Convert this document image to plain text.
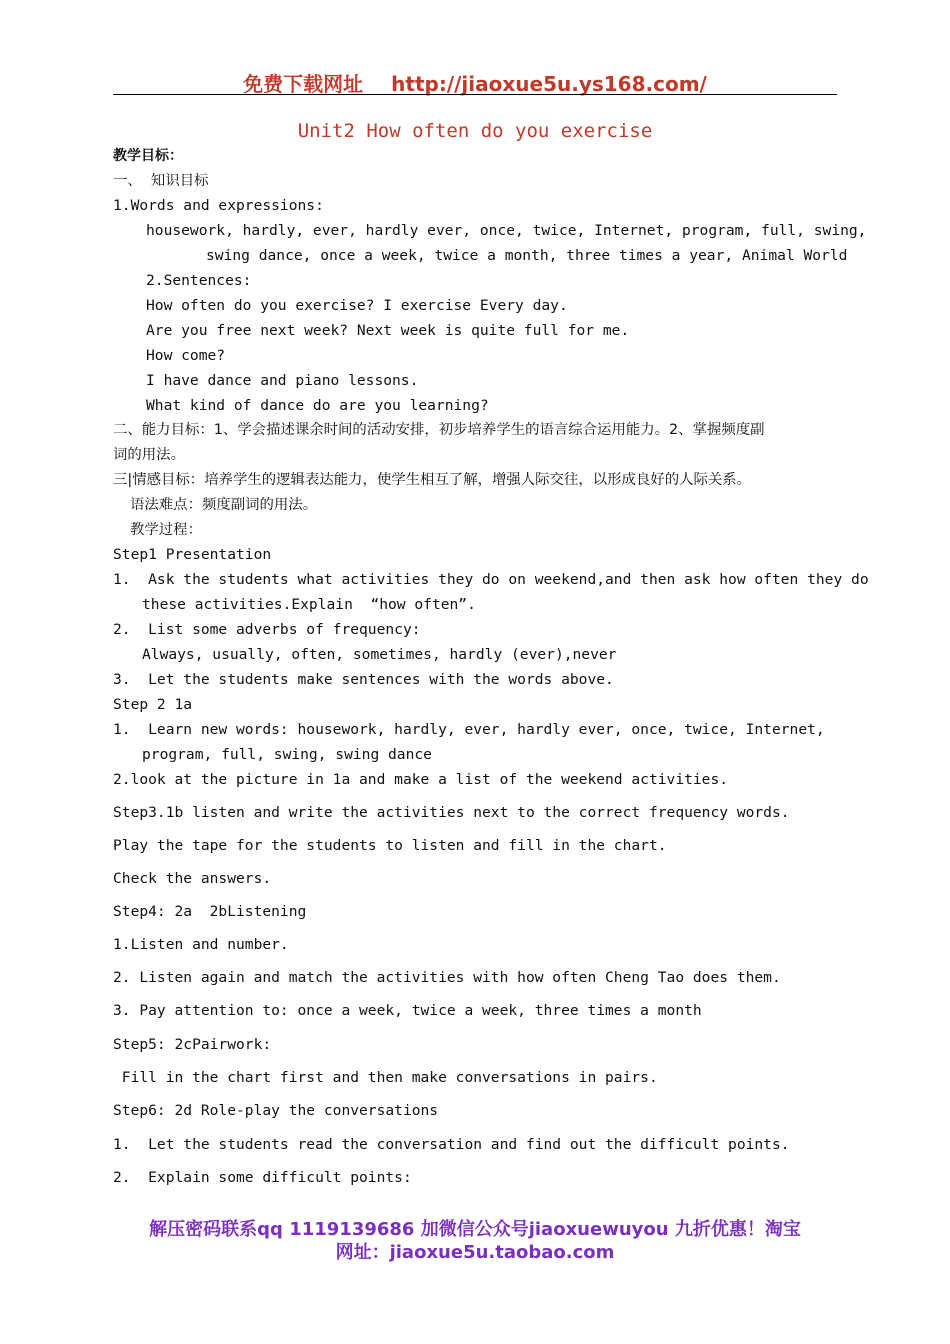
免费下载网址 http://jiaoxue5u.ys168.com/
Unit2 How often do you exercise
教学目标：
一、  知识目标
1.Words and expressions:
housework, hardly, ever, hardly ever, once, twice, Internet, program, full, swing,
swing dance, once a week, twice a month, three times a year, Animal World
2.Sentences:
How often do you exercise? I exercise Every day.
Are you free next week? Next week is quite full for me.
How come?
I have dance and piano lessons.
What kind of dance do are you learning?
二、能力目标：1、学会描述课余时间的活动安排，初步培养学生的语言综合运用能力。2、掌握频度副
词的用法。
三|情感目标：培养学生的逻辑表达能力，使学生相互了解，增强人际交往，以形成良好的人际关系。
语法难点：频度副词的用法。
教学过程：
Step1 Presentation
1.  Ask the students what activities they do on weekend,and then ask how often they do
these activities.Explain  “how often”.
2.  List some adverbs of frequency:
Always, usually, often, sometimes, hardly (ever),never
3.  Let the students make sentences with the words above.
Step 2 1a
1.  Learn new words: housework, hardly, ever, hardly ever, once, twice, Internet,
program, full, swing, swing dance
2.look at the picture in 1a and make a list of the weekend activities.
Step3.1b listen and write the activities next to the correct frequency words.
Play the tape for the students to listen and fill in the chart.
Check the answers.
Step4: 2a  2bListening
1.Listen and number.
2. Listen again and match the activities with how often Cheng Tao does them.
3. Pay attention to: once a week, twice a week, three times a month
Step5: 2cPairwork:
Fill in the chart first and then make conversations in pairs.
Step6: 2d Role-play the conversations
1.  Let the students read the conversation and find out the difficult points.
2.  Explain some difficult points:
解压密码联系qq 1119139686 加微信公众号jiaoxuewuyou 九折优惠！淘宝
网址：jiaoxue5u.taobao.com
